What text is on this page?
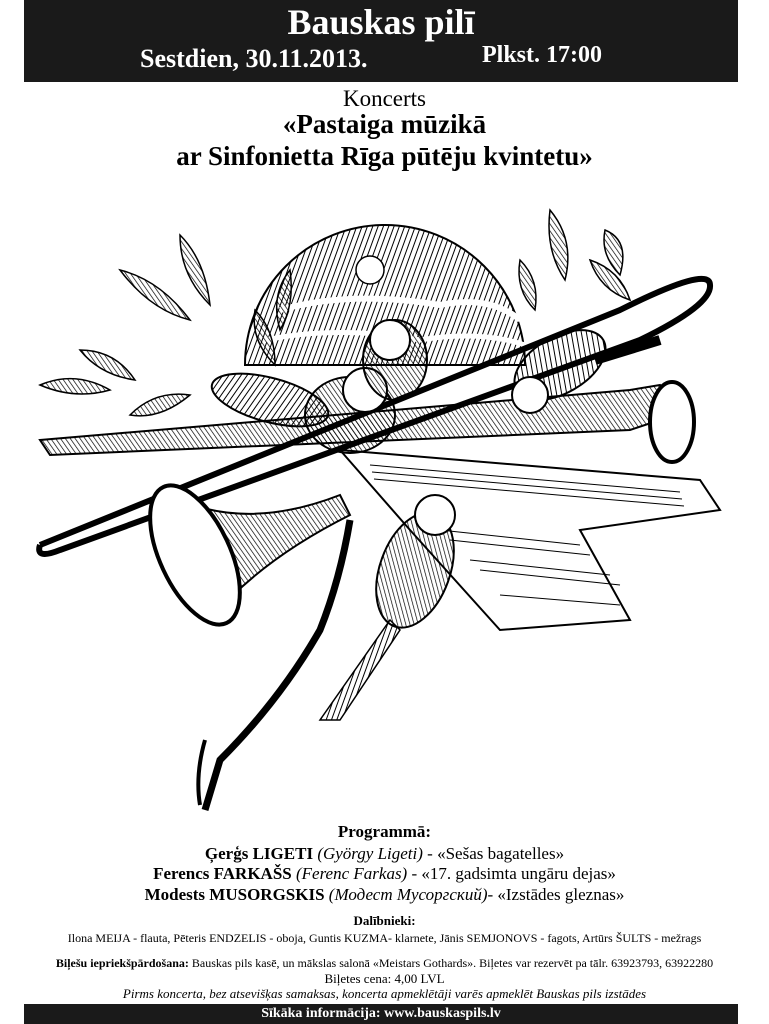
Bauskas pilī
Sestdien, 30.11.2013.	Plkst. 17:00
Koncerts
«Pastaiga mūzikā
ar Sinfonietta Rīga pūtēju kvintetu»
Programmā:
Ģerģs LIGETI (György Ligeti) - «Sešas bagatelles»
Ferencs FARKAŠS (Ferenc Farkas) - «17. gadsimta ungāru dejas»
Modests MUSORGSKIS (Модест Мусоргский)- «Izstādes gleznas»
Dalībnieki:
Ilona MEIJA - flauta, Pēteris ENDZELIS - oboja, Guntis KUZMA- klarnete, Jānis SEMJONOVS - fagots, Artūrs ŠULTS - mežrags
Biļešu iepriekšpārdošana: Bauskas pils kasē, un mākslas salonā «Meistars Gothards». Biļetes var rezervēt pa tālr. 63923793, 63922280
Biļetes cena: 4,00 LVL
Pirms koncerta, bez atsevišķas samaksas, koncerta apmeklētāji varēs apmeklēt Bauskas pils izstādes
Sīkāka informācija: www.bauskaspils.lv
